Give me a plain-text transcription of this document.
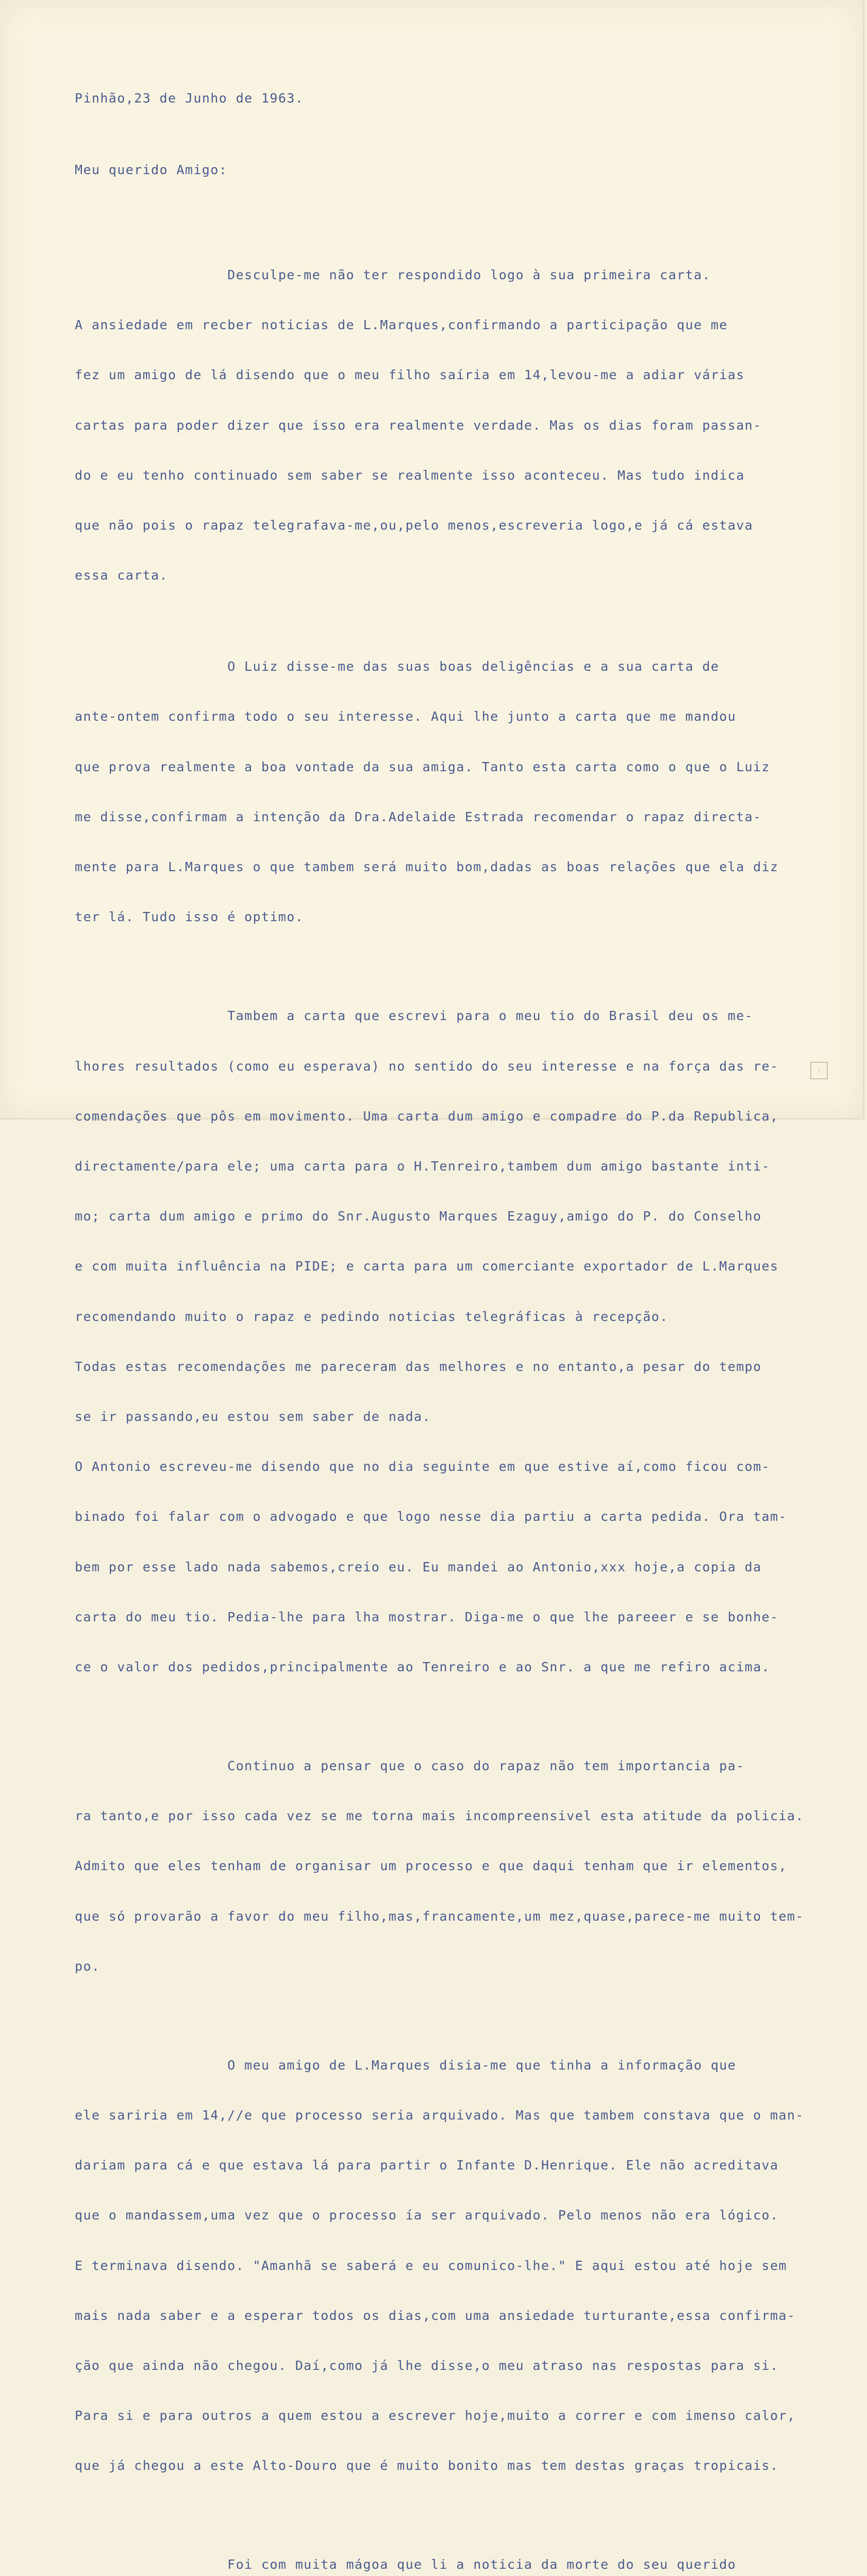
________________________________________________________
______________________________________________
________________________________________________________
________________________________________________________
______________________________________________________
______________________________________________________
____________________________________________

Pinhão,23 de Junho de 1963.

Meu querido Amigo:

Desculpe-me não ter respondido logo à sua primeira carta.

A ansiedade em recber noticias de L.Marques,confirmando a participação que me

fez um amigo de lá disendo que o meu filho saíria em 14,levou-me a adiar várias

cartas para poder dizer que isso era realmente verdade. Mas os dias foram passan-

do e eu tenho continuado sem saber se realmente isso aconteceu. Mas tudo indica

que não pois o rapaz telegrafava-me,ou,pelo menos,escreveria logo,e já cá estava

essa carta.

O Luiz disse-me das suas boas deligências e a sua carta de

ante-ontem confirma todo o seu interesse. Aqui lhe junto a carta que me mandou

que prova realmente a boa vontade da sua amiga. Tanto esta carta como o que o Luiz

me disse,confirmam a intenção da Dra.Adelaide Estrada recomendar o rapaz directa-

mente para L.Marques o que tambem será muito bom,dadas as boas relações que ela diz

ter lá. Tudo isso é optimo.

Tambem a carta que escrevi para o meu tio do Brasil deu os me-

lhores resultados (como eu esperava) no sentido do seu interesse e na força das re-

comendações que pôs em movimento. Uma carta dum amigo e compadre do P.da Republica,

directamente/para ele; uma carta para o H.Tenreiro,tambem dum amigo bastante inti-

mo; carta dum amigo e primo do Snr.Augusto Marques Ezaguy,amigo do P. do Conselho

e com muita influência na PIDE; e carta para um comerciante exportador de L.Marques

recomendando muito o rapaz e pedindo noticias telegráficas à recepção.

Todas estas recomendações me pareceram das melhores e no entanto,a pesar do tempo

se ir passando,eu estou sem saber de nada.

O Antonio escreveu-me disendo que no dia seguinte em que estive aí,como ficou com-

binado foi falar com o advogado e que logo nesse dia partiu a carta pedida. Ora tam-

bem por esse lado nada sabemos,creio eu. Eu mandei ao Antonio,xxx hoje,a copia da

carta do meu tio. Pedia-lhe para lha mostrar. Diga-me o que lhe pareeer e se bonhe-

ce o valor dos pedidos,principalmente ao Tenreiro e ao Snr. a que me refiro acima.

Continuo a pensar que o caso do rapaz não tem importancia pa-

ra tanto,e por isso cada vez se me torna mais incompreensivel esta atitude da policia.

Admito que eles tenham de organisar um processo e que daqui tenham que ir elementos,

que só provarão a favor do meu filho,mas,francamente,um mez,quase,parece-me muito tem-

po.

O meu amigo de L.Marques disia-me que tinha a informação que

ele sariria em 14,//e que processo seria arquivado. Mas que tambem constava que o man-

dariam para cá e que estava lá para partir o Infante D.Henrique. Ele não acreditava

que o mandassem,uma vez que o processo ía ser arquivado. Pelo menos não era lógico.

E terminava disendo. "Amanhã se saberá e eu comunico-lhe." E aqui estou até hoje sem

mais nada saber e a esperar todos os dias,com uma ansiedade turturante,essa confirma-

ção que ainda não chegou. Daí,como já lhe disse,o meu atraso nas respostas para si.

Para si e para outros a quem estou a escrever hoje,muito a correr e com imenso calor,

que já chegou a este Alto-Douro que é muito bonito mas tem destas graças tropicais.

Foi com muita mágoa que li a noticia da morte do seu querido

▯
